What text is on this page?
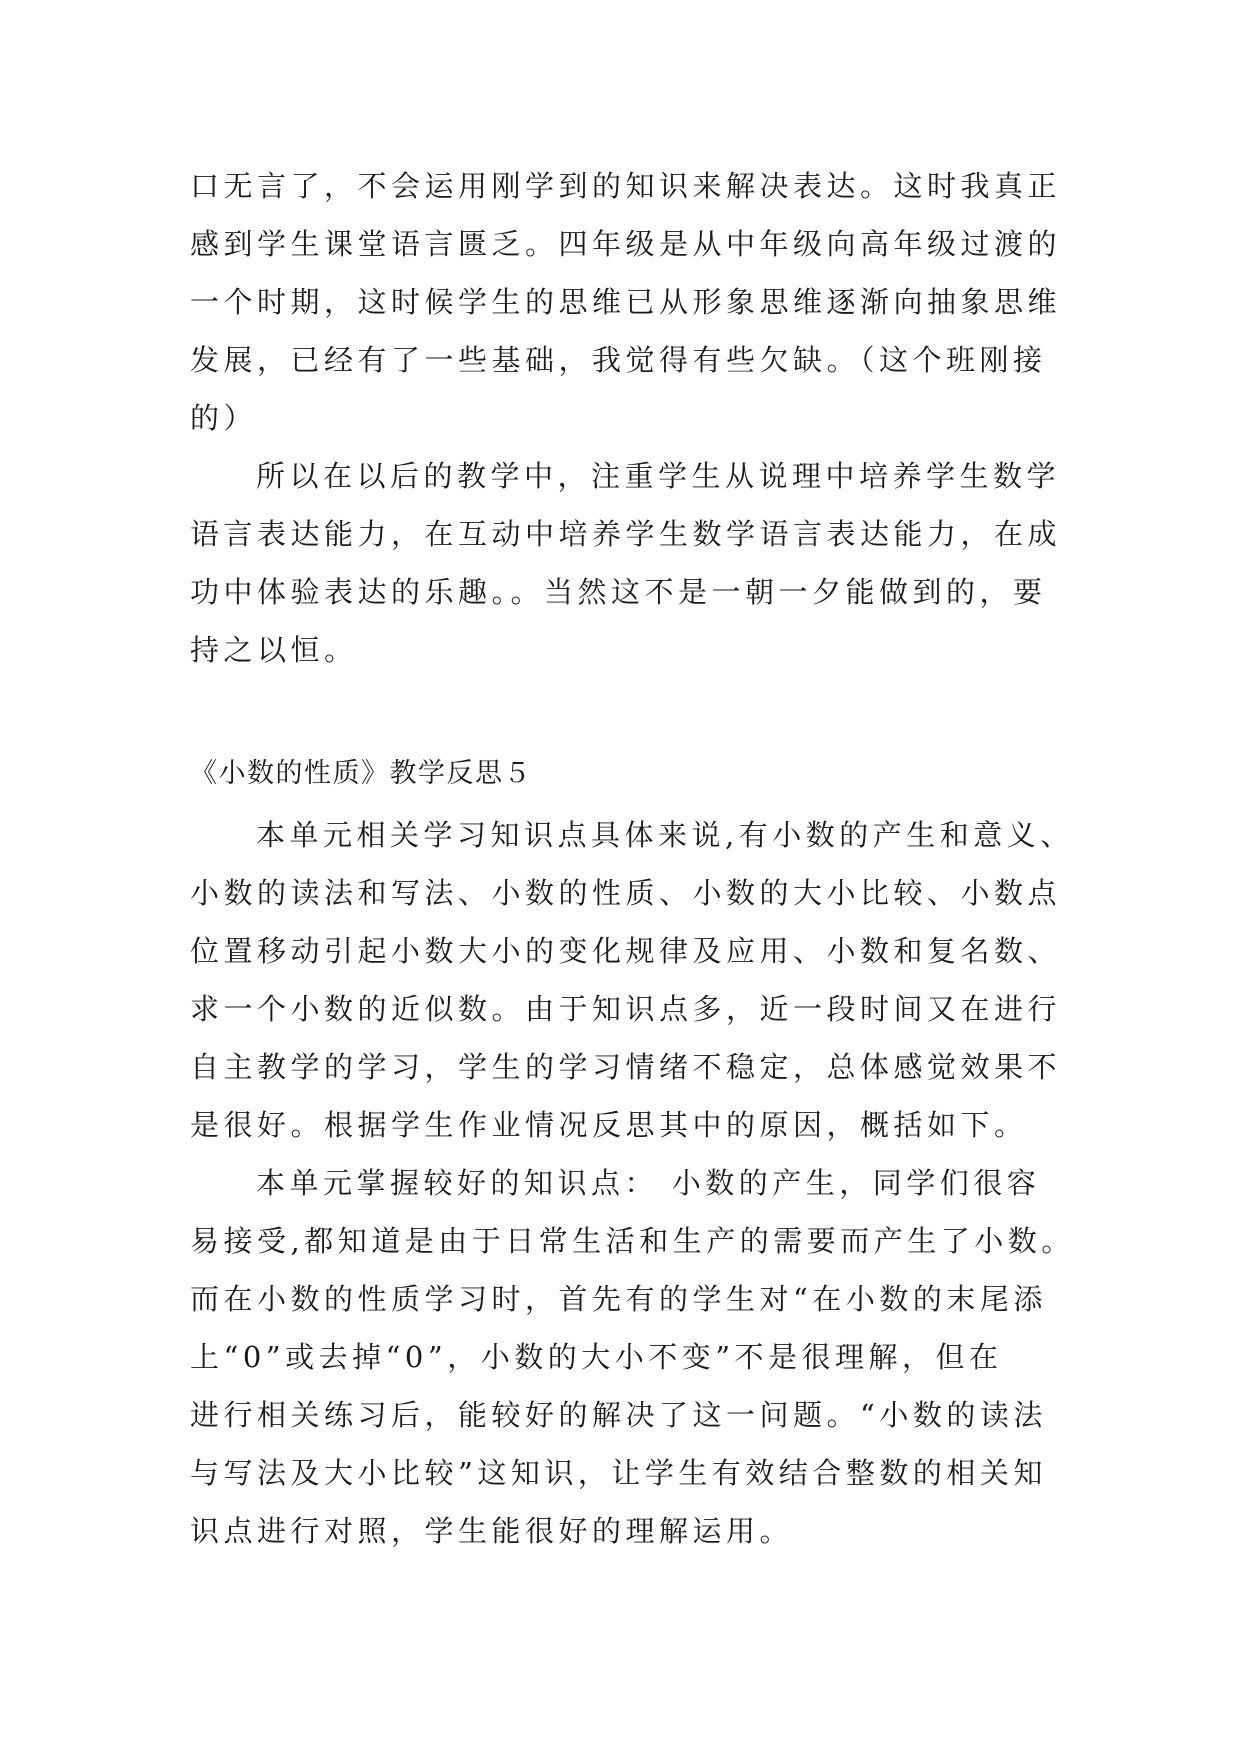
口无言了，不会运用刚学到的知识来解决表达。这时我真正
感到学生课堂语言匮乏。四年级是从中年级向高年级过渡的
一个时期，这时候学生的思维已从形象思维逐渐向抽象思维
发展，已经有了一些基础，我觉得有些欠缺。（这个班刚接
的）
所以在以后的教学中，注重学生从说理中培养学生数学
语言表达能力，在互动中培养学生数学语言表达能力，在成
功中体验表达的乐趣。。当然这不是一朝一夕能做到的，要
持之以恒。
《小数的性质》教学反思５
本单元相关学习知识点具体来说,有小数的产生和意义、
小数的读法和写法、小数的性质、小数的大小比较、小数点
位置移动引起小数大小的变化规律及应用、小数和复名数、
求一个小数的近似数。由于知识点多，近一段时间又在进行
自主教学的学习，学生的学习情绪不稳定，总体感觉效果不
是很好。根据学生作业情况反思其中的原因，概括如下。
本单元掌握较好的知识点： 小数的产生，同学们很容
易接受,都知道是由于日常生活和生产的需要而产生了小数。
而在小数的性质学习时，首先有的学生对“在小数的末尾添
上“0”或去掉“0”，小数的大小不变”不是很理解，但在
进行相关练习后，能较好的解决了这一问题。“小数的读法
与写法及大小比较”这知识，让学生有效结合整数的相关知
识点进行对照，学生能很好的理解运用。
